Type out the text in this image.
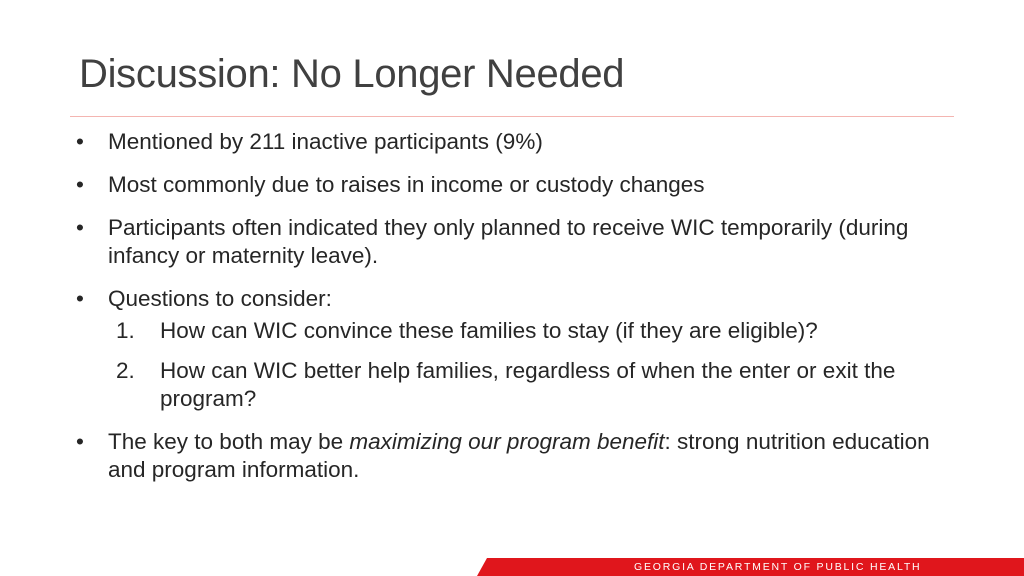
Discussion: No Longer Needed
• Mentioned by 211 inactive participants (9%)
• Most commonly due to raises in income or custody changes
• Participants often indicated they only planned to receive WIC temporarily (during infancy or maternity leave).
• Questions to consider:
1. How can WIC convince these families to stay (if they are eligible)?
2. How can WIC better help families, regardless of when the enter or exit the program?
• The key to both may be maximizing our program benefit: strong nutrition education and program information.
GEORGIA DEPARTMENT OF PUBLIC HEALTH
